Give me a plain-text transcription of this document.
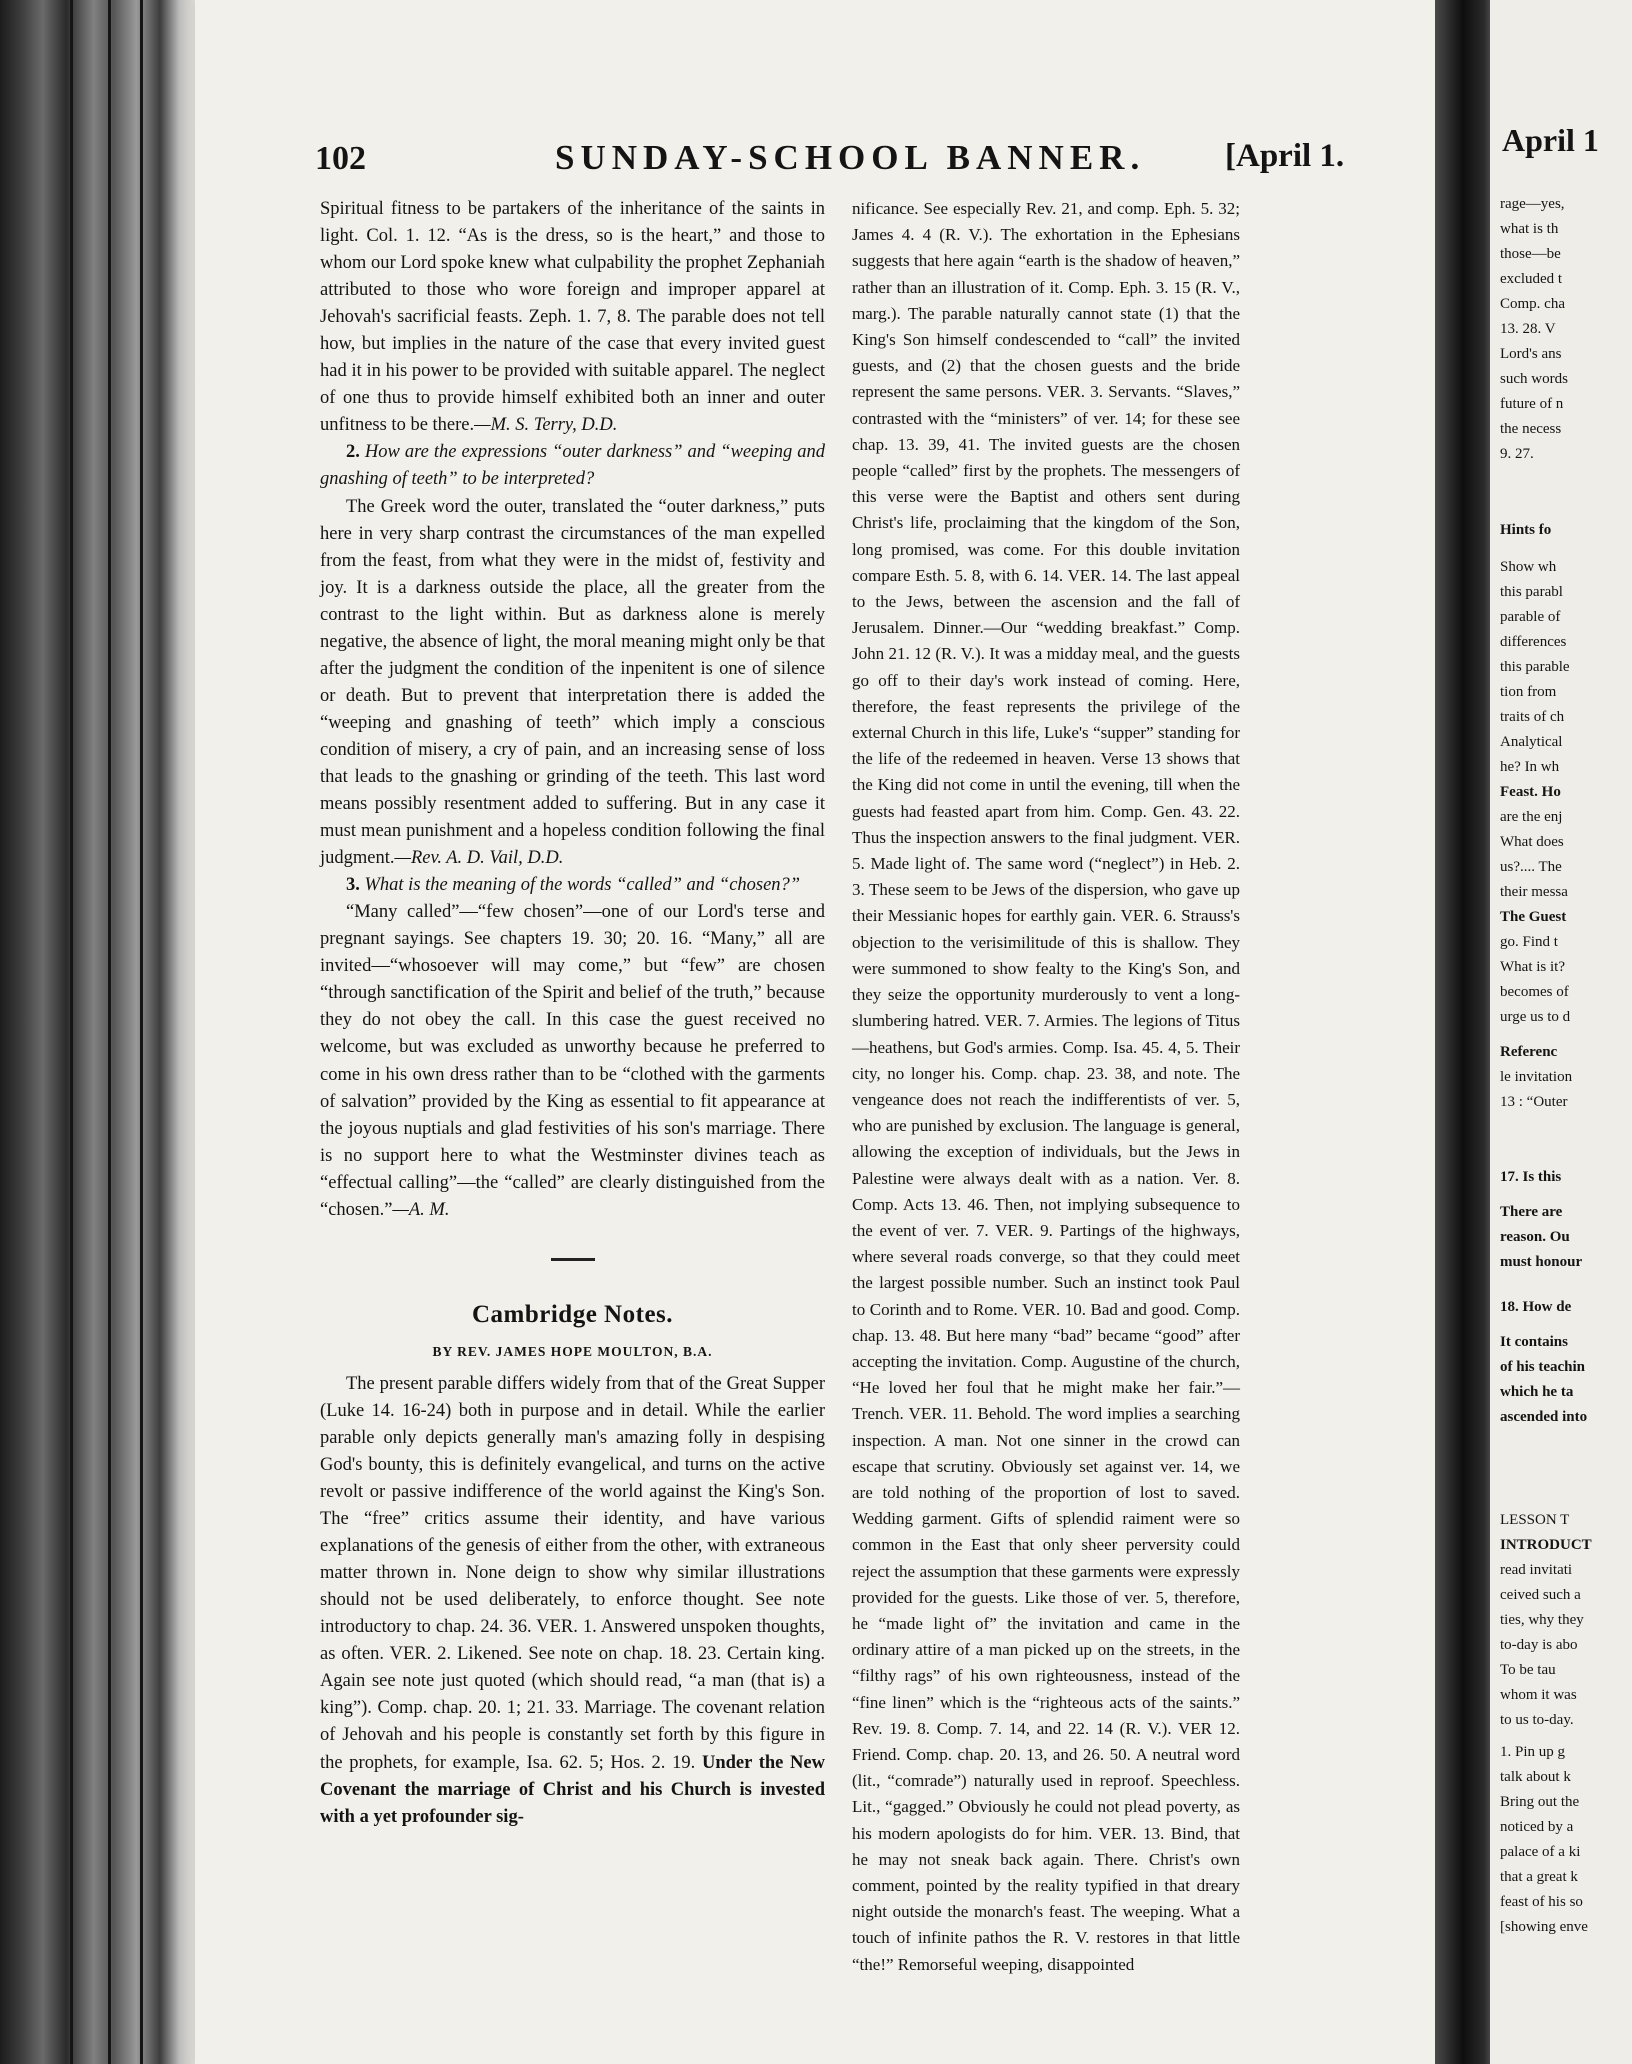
102	SUNDAY-SCHOOL BANNER. [April 1.

Spiritual fitness to be partakers of the inheritance of the saints in light. Col. 1. 12. “As is the dress, so is the heart,” and those to whom our Lord spoke knew what culpability the prophet Zephaniah attributed to those who wore foreign and improper apparel at Jehovah's sacrificial feasts. Zeph. 1. 7, 8. The parable does not tell how, but implies in the nature of the case that every invited guest had it in his power to be provided with suitable apparel. The neglect of one thus to provide himself exhibited both an inner and outer unfitness to be there.—M. S. Terry, D.D.

2. How are the expressions “outer darkness” and “weeping and gnashing of teeth” to be interpreted?

The Greek word the outer, translated the “outer darkness,” puts here in very sharp contrast the circumstances of the man expelled from the feast, from what they were in the midst of, festivity and joy. It is a darkness outside the place, all the greater from the contrast to the light within. But as darkness alone is merely negative, the absence of light, the moral meaning might only be that after the judgment the condition of the inpenitent is one of silence or death. But to prevent that interpretation there is added the “weeping and gnashing of teeth” which imply a conscious condition of misery, a cry of pain, and an increasing sense of loss that leads to the gnashing or grinding of the teeth. This last word means possibly resentment added to suffering. But in any case it must mean punishment and a hopeless condition following the final judgment.—Rev. A. D. Vail, D.D.

3. What is the meaning of the words “called” and “chosen?”

“Many called”—“few chosen”—one of our Lord's terse and pregnant sayings. See chapters 19. 30; 20. 16. “Many,” all are invited—“whosoever will may come,” but “few” are chosen “through sanctification of the Spirit and belief of the truth,” because they do not obey the call. In this case the guest received no welcome, but was excluded as unworthy because he preferred to come in his own dress rather than to be “clothed with the garments of salvation” provided by the King as essential to fit appearance at the joyous nuptials and glad festivities of his son's marriage. There is no support here to what the Westminster divines teach as “effectual calling”—the “called” are clearly distinguished from the “chosen.”—A. M.

Cambridge Notes.
BY REV. JAMES HOPE MOULTON, B.A.

The present parable differs widely from that of the Great Supper (Luke 14. 16-24) both in purpose and in detail. While the earlier parable only depicts generally man's amazing folly in despising God's bounty, this is definitely evangelical, and turns on the active revolt or passive indifference of the world against the King's Son. The “free” critics assume their identity, and have various explanations of the genesis of either from the other, with extraneous matter thrown in. None deign to show why similar illustrations should not be used deliberately, to enforce thought. See note introductory to chap. 24. 36. VER. 1. Answered unspoken thoughts, as often. VER. 2. Likened. See note on chap. 18. 23. Certain king. Again see note just quoted (which should read, “a man (that is) a king”). Comp. chap. 20. 1; 21. 33. Marriage. The covenant relation of Jehovah and his people is constantly set forth by this figure in the prophets, for example, Isa. 62. 5; Hos. 2. 19. Under the New Covenant the marriage of Christ and his Church is invested with a yet profounder sig-

nificance. See especially Rev. 21, and comp. Eph. 5. 32; James 4. 4 (R. V.). The exhortation in the Ephesians suggests that here again “earth is the shadow of heaven,” rather than an illustration of it. Comp. Eph. 3. 15 (R. V., marg.). The parable naturally cannot state (1) that the King's Son himself condescended to “call” the invited guests, and (2) that the chosen guests and the bride represent the same persons. VER. 3. Servants. “Slaves,” contrasted with the “ministers” of ver. 14; for these see chap. 13. 39, 41. The invited guests are the chosen people “called” first by the prophets. The messengers of this verse were the Baptist and others sent during Christ's life, proclaiming that the kingdom of the Son, long promised, was come. For this double invitation compare Esth. 5. 8, with 6. 14. VER. 14. The last appeal to the Jews, between the ascension and the fall of Jerusalem. Dinner.—Our “wedding breakfast.” Comp. John 21. 12 (R. V.). It was a midday meal, and the guests go off to their day's work instead of coming. Here, therefore, the feast represents the privilege of the external Church in this life, Luke's “supper” standing for the life of the redeemed in heaven. Verse 13 shows that the King did not come in until the evening, till when the guests had feasted apart from him. Comp. Gen. 43. 22. Thus the inspection answers to the final judgment. VER. 5. Made light of. The same word (“neglect”) in Heb. 2. 3. These seem to be Jews of the dispersion, who gave up their Messianic hopes for earthly gain. VER. 6. Strauss's objection to the verisimilitude of this is shallow. They were summoned to show fealty to the King's Son, and they seize the opportunity murderously to vent a long-slumbering hatred. VER. 7. Armies. The legions of Titus—heathens, but God's armies. Comp. Isa. 45. 4, 5. Their city, no longer his. Comp. chap. 23. 38, and note. The vengeance does not reach the indifferentists of ver. 5, who are punished by exclusion. The language is general, allowing the exception of individuals, but the Jews in Palestine were always dealt with as a nation. Ver. 8. Comp. Acts 13. 46. Then, not implying subsequence to the event of ver. 7. VER. 9. Partings of the highways, where several roads converge, so that they could meet the largest possible number. Such an instinct took Paul to Corinth and to Rome. VER. 10. Bad and good. Comp. chap. 13. 48. But here many “bad” became “good” after accepting the invitation. Comp. Augustine of the church, “He loved her foul that he might make her fair.”—Trench. VER. 11. Behold. The word implies a searching inspection. A man. Not one sinner in the crowd can escape that scrutiny. Obviously set against ver. 14, we are told nothing of the proportion of lost to saved. Wedding garment. Gifts of splendid raiment were so common in the East that only sheer perversity could reject the assumption that these garments were expressly provided for the guests. Like those of ver. 5, therefore, he “made light of” the invitation and came in the ordinary attire of a man picked up on the streets, in the “filthy rags” of his own righteousness, instead of the “fine linen” which is the “righteous acts of the saints.” Rev. 19. 8. Comp. 7. 14, and 22. 14 (R. V.). VER 12. Friend. Comp. chap. 20. 13, and 26. 50. A neutral word (lit., “comrade”) naturally used in reproof. Speechless. Lit., “gagged.” Obviously he could not plead poverty, as his modern apologists do for him. VER. 13. Bind, that he may not sneak back again. There. Christ's own comment, pointed by the reality typified in that dreary night outside the monarch's feast. The weeping. What a touch of infinite pathos the R. V. restores in that little “the!” Remorseful weeping, disappointed

April 1
rage—yes,
what is th
those—be
excluded t
Comp. cha
13. 28. V
Lord's ans
such words
future of n
the necess
9. 27.
Hints fo
Show wh
this parabl
parable of
differences
this parable
tion from
traits of ch
Analytical
he? In wh
Feast. Ho
are the enj
What does
us?.... The
their messa
The Guest
go. Find t
What is it?
becomes of
urge us to d
Referenc
le invitation
13 : “Outer
17. Is this
There are
reason. Ou
must honour
18. How de
It contains
of his teachin
which he ta
ascended into
LESSON T
INTRODUCT
read invitati
ceived such a
ties, why they
to-day is abo
To be tau
whom it was
to us to-day.
1. Pin up g
talk about k
Bring out the
noticed by a
palace of a ki
that a great k
feast of his so
[showing enve
